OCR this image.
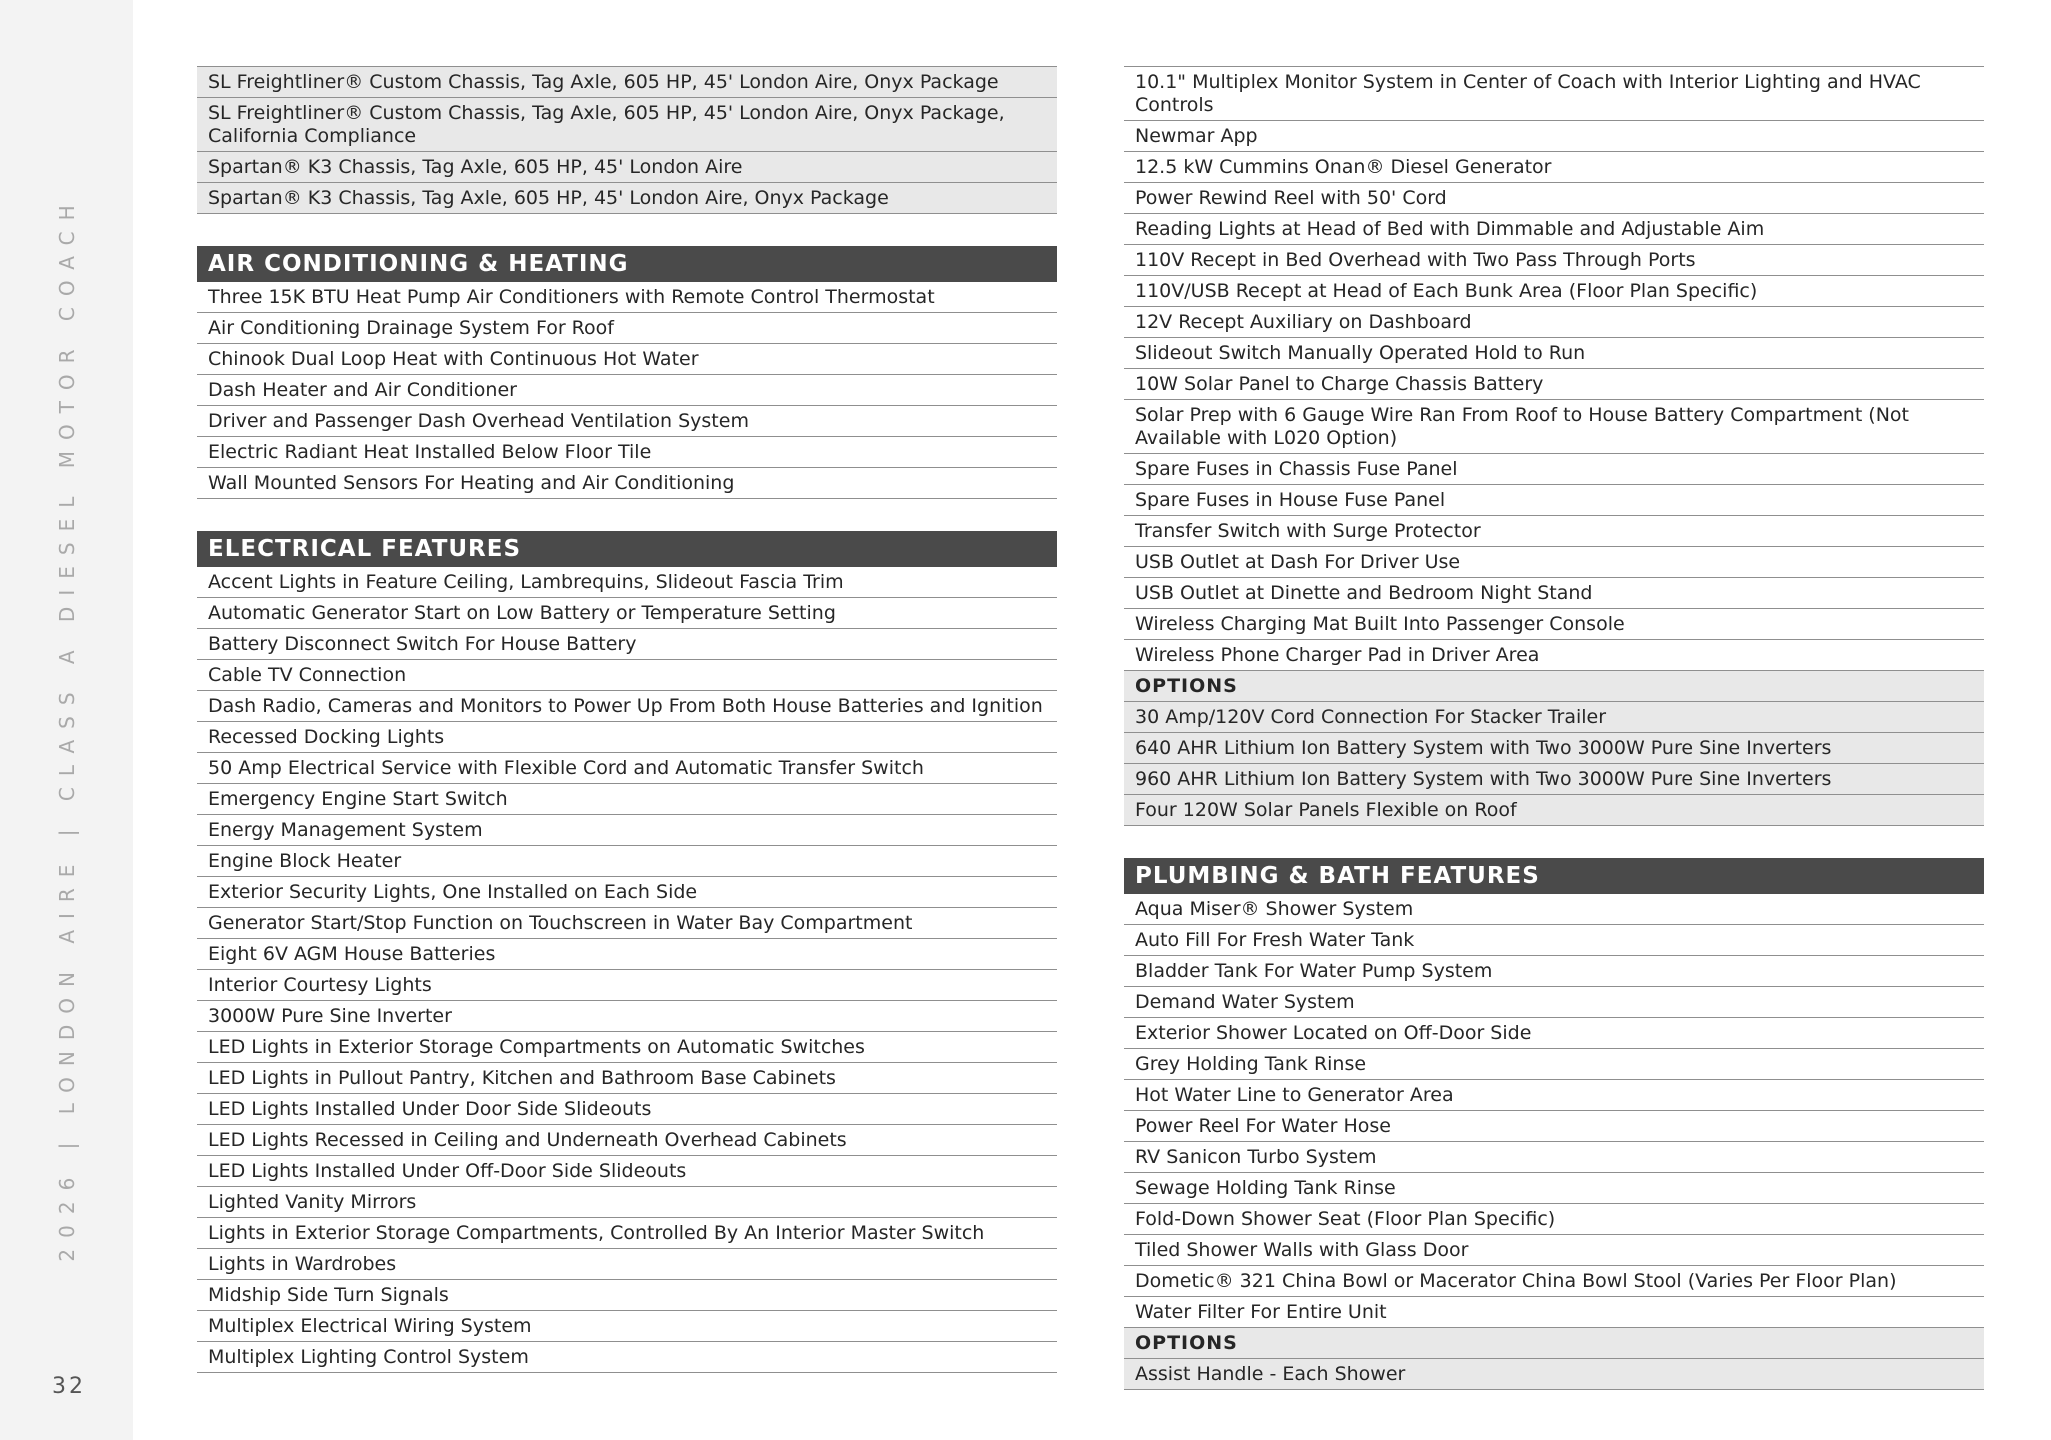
2026 | LONDON AIRE | CLASS A DIESEL MOTOR COACH
32
SL Freightliner® Custom Chassis, Tag Axle, 605 HP, 45' London Aire, Onyx Package
SL Freightliner® Custom Chassis, Tag Axle, 605 HP, 45' London Aire, Onyx Package, California Compliance
Spartan® K3 Chassis, Tag Axle, 605 HP, 45' London Aire
Spartan® K3 Chassis, Tag Axle, 605 HP, 45' London Aire, Onyx Package
AIR CONDITIONING & HEATING
Three 15K BTU Heat Pump Air Conditioners with Remote Control Thermostat
Air Conditioning Drainage System For Roof
Chinook Dual Loop Heat with Continuous Hot Water
Dash Heater and Air Conditioner
Driver and Passenger Dash Overhead Ventilation System
Electric Radiant Heat Installed Below Floor Tile
Wall Mounted Sensors For Heating and Air Conditioning
ELECTRICAL FEATURES
Accent Lights in Feature Ceiling, Lambrequins, Slideout Fascia Trim
Automatic Generator Start on Low Battery or Temperature Setting
Battery Disconnect Switch For House Battery
Cable TV Connection
Dash Radio, Cameras and Monitors to Power Up From Both House Batteries and Ignition
Recessed Docking Lights
50 Amp Electrical Service with Flexible Cord and Automatic Transfer Switch
Emergency Engine Start Switch
Energy Management System
Engine Block Heater
Exterior Security Lights, One Installed on Each Side
Generator Start/Stop Function on Touchscreen in Water Bay Compartment
Eight 6V AGM House Batteries
Interior Courtesy Lights
3000W Pure Sine Inverter
LED Lights in Exterior Storage Compartments on Automatic Switches
LED Lights in Pullout Pantry, Kitchen and Bathroom Base Cabinets
LED Lights Installed Under Door Side Slideouts
LED Lights Recessed in Ceiling and Underneath Overhead Cabinets
LED Lights Installed Under Off-Door Side Slideouts
Lighted Vanity Mirrors
Lights in Exterior Storage Compartments, Controlled By An Interior Master Switch
Lights in Wardrobes
Midship Side Turn Signals
Multiplex Electrical Wiring System
Multiplex Lighting Control System
10.1" Multiplex Monitor System in Center of Coach with Interior Lighting and HVAC Controls
Newmar App
12.5 kW Cummins Onan® Diesel Generator
Power Rewind Reel with 50' Cord
Reading Lights at Head of Bed with Dimmable and Adjustable Aim
110V Recept in Bed Overhead with Two Pass Through Ports
110V/USB Recept at Head of Each Bunk Area (Floor Plan Specific)
12V Recept Auxiliary on Dashboard
Slideout Switch Manually Operated Hold to Run
10W Solar Panel to Charge Chassis Battery
Solar Prep with 6 Gauge Wire Ran From Roof to House Battery Compartment (Not Available with L020 Option)
Spare Fuses in Chassis Fuse Panel
Spare Fuses in House Fuse Panel
Transfer Switch with Surge Protector
USB Outlet at Dash For Driver Use
USB Outlet at Dinette and Bedroom Night Stand
Wireless Charging Mat Built Into Passenger Console
Wireless Phone Charger Pad in Driver Area
OPTIONS
30 Amp/120V Cord Connection For Stacker Trailer
640 AHR Lithium Ion Battery System with Two 3000W Pure Sine Inverters
960 AHR Lithium Ion Battery System with Two 3000W Pure Sine Inverters
Four 120W Solar Panels Flexible on Roof
PLUMBING & BATH FEATURES
Aqua Miser® Shower System
Auto Fill For Fresh Water Tank
Bladder Tank For Water Pump System
Demand Water System
Exterior Shower Located on Off-Door Side
Grey Holding Tank Rinse
Hot Water Line to Generator Area
Power Reel For Water Hose
RV Sanicon Turbo System
Sewage Holding Tank Rinse
Fold-Down Shower Seat (Floor Plan Specific)
Tiled Shower Walls with Glass Door
Dometic® 321 China Bowl or Macerator China Bowl Stool (Varies Per Floor Plan)
Water Filter For Entire Unit
OPTIONS
Assist Handle - Each Shower
